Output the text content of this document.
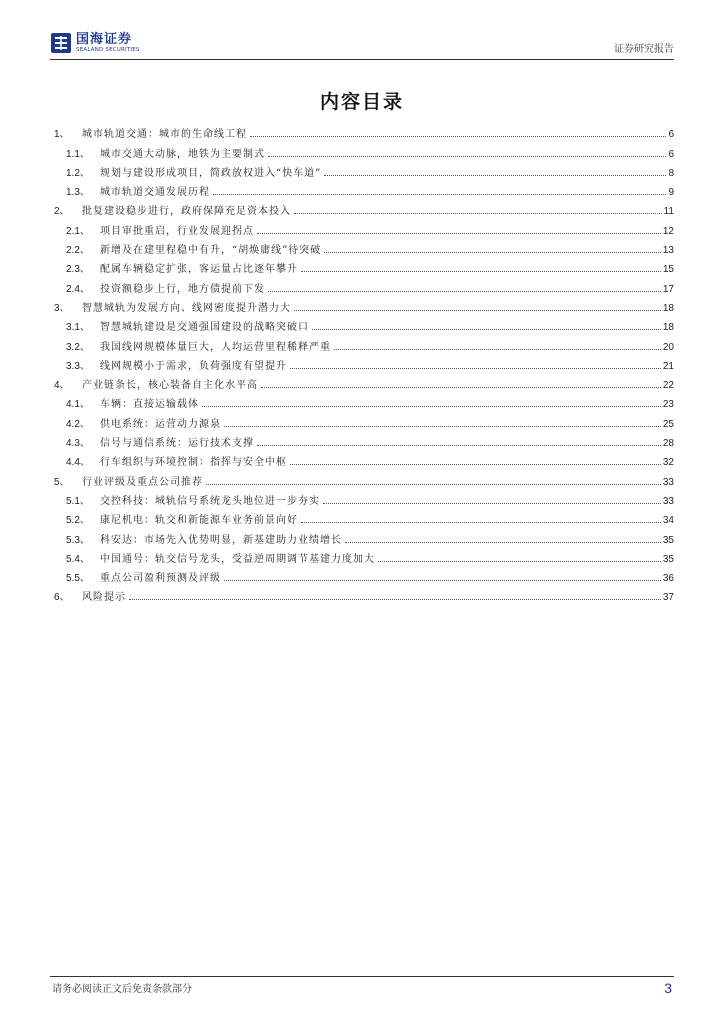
国海证券
SEALAND SECURITIES	证券研究报告
内容目录
1、	城市轨道交通：城市的生命线工程	6
1.1、	城市交通大动脉，地铁为主要制式	6
1.2、	规划与建设形成项目，简政放权进入“快车道”	8
1.3、	城市轨道交通发展历程	9
2、	批复建设稳步进行，政府保障充足资本投入	11
2.1、	项目审批重启，行业发展迎拐点	12
2.2、	新增及在建里程稳中有升，“胡焕庸线”待突破	13
2.3、	配属车辆稳定扩张，客运量占比逐年攀升	15
2.4、	投资额稳步上行，地方债提前下发	17
3、	智慧城轨为发展方向、线网密度提升潜力大	18
3.1、	智慧城轨建设是交通强国建设的战略突破口	18
3.2、	我国线网规模体量巨大，人均运营里程稀释严重	20
3.3、	线网规模小于需求，负荷强度有望提升	21
4、	产业链条长，核心装备自主化水平高	22
4.1、	车辆：直接运输载体	23
4.2、	供电系统：运营动力源泉	25
4.3、	信号与通信系统：运行技术支撑	28
4.4、	行车组织与环境控制：指挥与安全中枢	32
5、	行业评级及重点公司推荐	33
5.1、	交控科技：城轨信号系统龙头地位进一步夯实	33
5.2、	康尼机电：轨交和新能源车业务前景向好	34
5.3、	科安达：市场先入优势明显，新基建助力业绩增长	35
5.4、	中国通号：轨交信号龙头，受益逆周期调节基建力度加大	35
5.5、	重点公司盈利预测及评级	36
6、	风险提示	37
请务必阅读正文后免责条款部分	3
